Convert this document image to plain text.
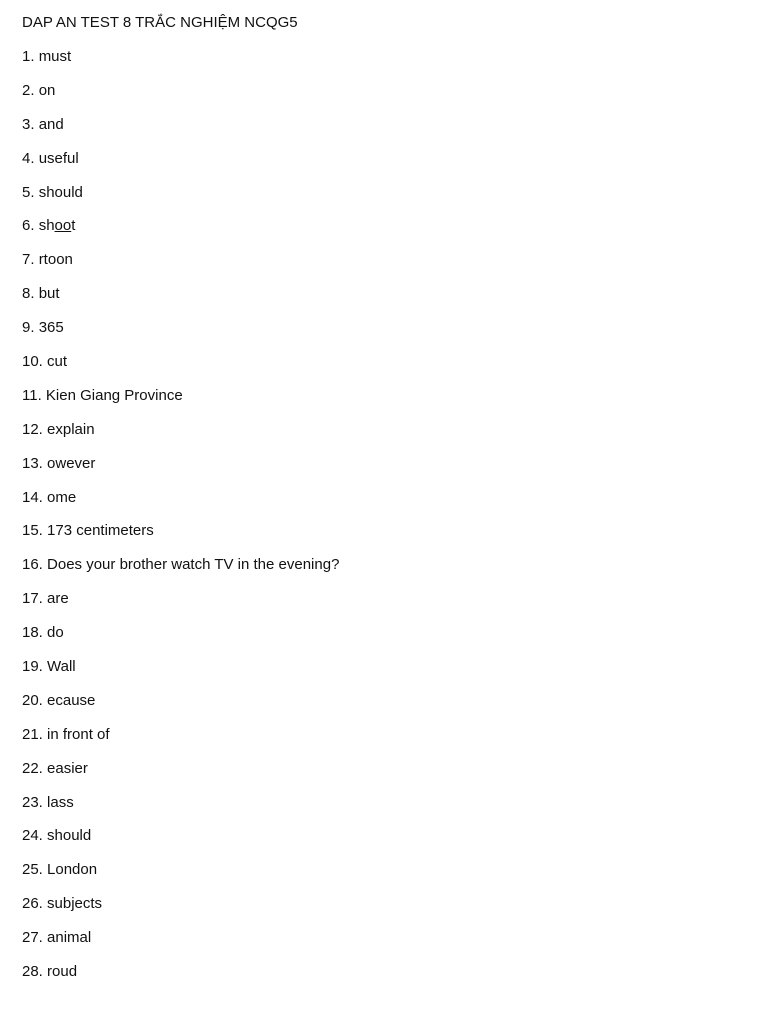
DAP AN TEST 8 TRẮC NGHIỆM NCQG5
1. must
2. on
3. and
4. useful
5. should
6. shoot
7. rtoon
8. but
9. 365
10. cut
11. Kien Giang Province
12. explain
13. owever
14. ome
15. 173 centimeters
16. Does your brother watch TV in the evening?
17. are
18. do
19. Wall
20. ecause
21. in front of
22. easier
23. lass
24. should
25. London
26. subjects
27. animal
28. roud
